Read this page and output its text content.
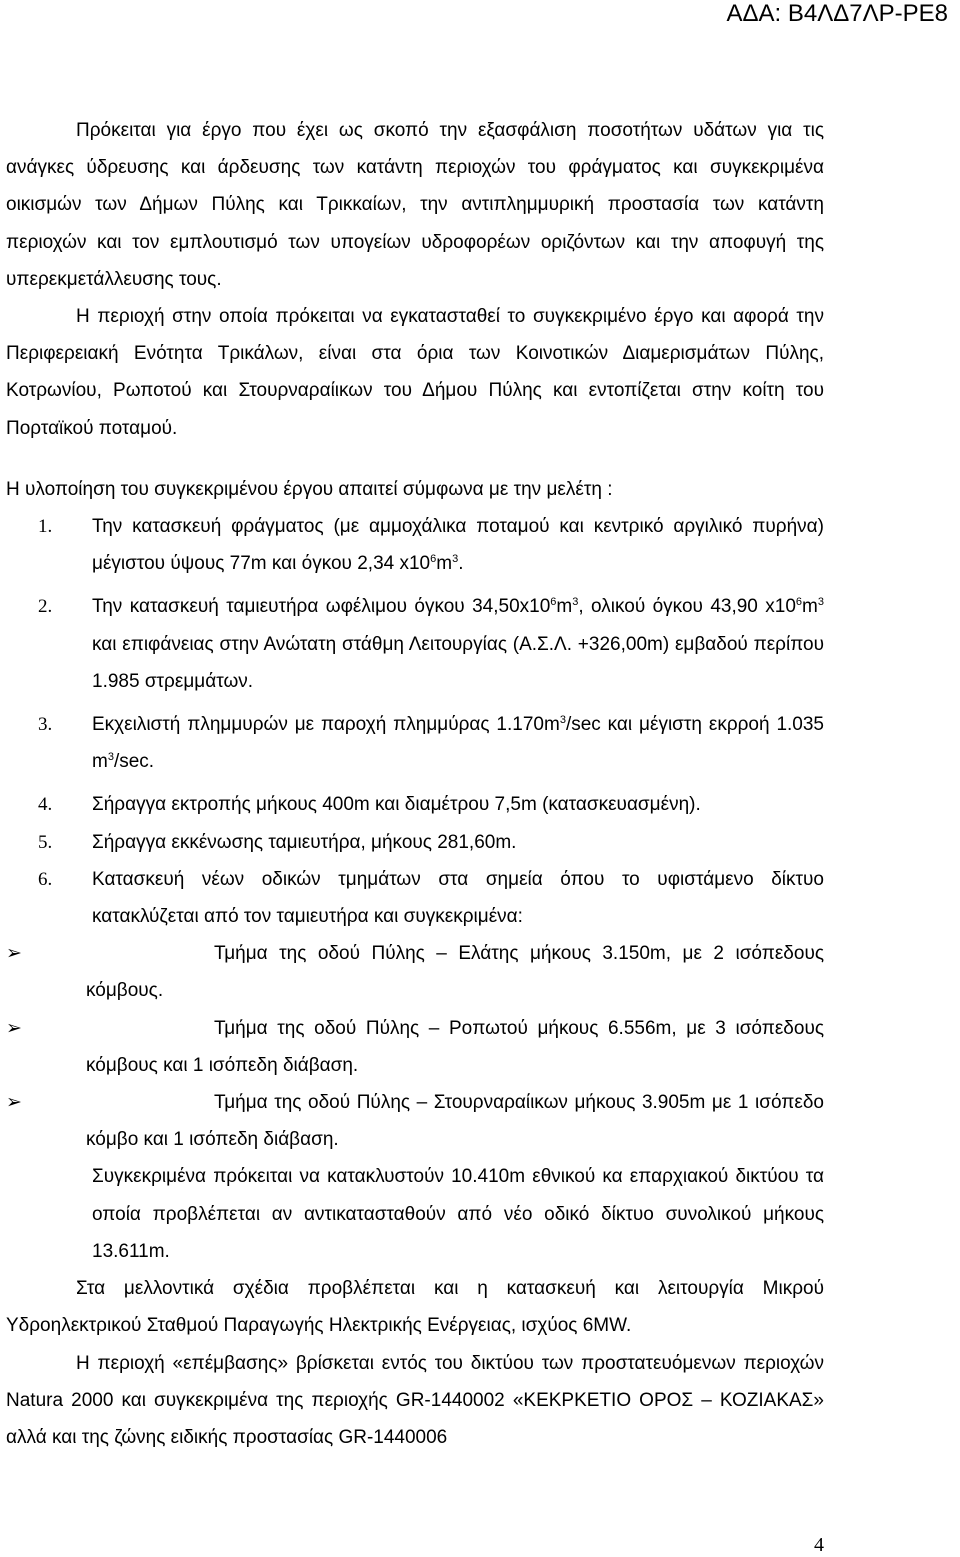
ΑΔΑ: Β4ΛΔ7ΛΡ-ΡΕ8

Πρόκειται για έργο που έχει ως σκοπό την εξασφάλιση ποσοτήτων υδάτων για τις ανάγκες ύδρευσης και άρδευσης των κατάντη περιοχών του φράγματος και συγκεκριμένα οικισμών των Δήμων Πύλης και Τρικκαίων, την αντιπλημμυρική προστασία των κατάντη περιοχών και τον εμπλουτισμό των υπογείων υδροφορέων οριζόντων και την αποφυγή της υπερεκμετάλλευσης τους.

Η περιοχή στην οποία πρόκειται να εγκατασταθεί το συγκεκριμένο έργο και αφορά την Περιφερειακή Ενότητα Τρικάλων, είναι στα όρια των Κοινοτικών Διαμερισμάτων Πύλης, Κοτρωνίου, Ρωποτού και Στουρναραίικων του Δήμου Πύλης και εντοπίζεται στην κοίτη του Πορταϊκού ποταμού.

Η υλοποίηση του συγκεκριμένου έργου απαιτεί σύμφωνα με την μελέτη :

1. Την κατασκευή φράγματος (με αμμοχάλικα ποταμού και κεντρικό αργιλικό πυρήνα) μέγιστου ύψους 77m και όγκου 2,34 $x10^6m^3$.
2. Την κατασκευή ταμιευτήρα ωφέλιμου όγκου $34,50x10^6m^3$, ολικού όγκου 43,90 $x10^6m^3$ και επιφάνειας στην Ανώτατη στάθμη Λειτουργίας (Α.Σ.Λ. +326,00m) εμβαδού περίπου 1.985 στρεμμάτων.
3. Εκχειλιστή πλημμυρών με παροχή πλημμύρας $1.170m^3/\sec$ και μέγιστη εκρροή 1.035 $m^3/\sec$.
4. Σήραγγα εκτροπής μήκους 400m και διαμέτρου 7,5m (κατασκευασμένη).
5. Σήραγγα εκκένωσης ταμιευτήρα, μήκους 281,60m.
6. Κατασκευή νέων οδικών τμημάτων στα σημεία όπου το υφιστάμενο δίκτυο κατακλύζεται από τον ταμιευτήρα και συγκεκριμένα:
➢	Τμήμα της οδού Πύλης – Ελάτης μήκους 3.150m, με 2 ισόπεδους κόμβους.
➢	Τμήμα της οδού Πύλης – Ρoπωτού μήκους 6.556m, με 3 ισόπεδους κόμβους και 1 ισόπεδη διάβαση.
➢	Τμήμα της οδού Πύλης – Στουρναραίικων μήκους 3.905m με 1 ισόπεδο κόμβο και 1 ισόπεδη διάβαση.

Συγκεκριμένα πρόκειται να κατακλυστούν 10.410m εθνικού κα επαρχιακού δικτύου τα οποία προβλέπεται αν αντικατασταθούν από νέο οδικό δίκτυο συνολικού μήκους 13.611m.

Στα μελλοντικά σχέδια προβλέπεται και η κατασκευή και λειτουργία Μικρού Υδροηλεκτρικού Σταθμού Παραγωγής Ηλεκτρικής Ενέργειας, ισχύος 6MW.

Η περιοχή «επέμβασης» βρίσκεται εντός του δικτύου των προστατευόμενων περιοχών Natura 2000 και συγκεκριμένα της περιοχής GR-1440002 «ΚΕΚΡΚΕΤΙΟ ΟΡΟΣ – ΚΟΖΙΑΚΑΣ» αλλά και της ζώνης ειδικής προστασίας GR-1440006

4
